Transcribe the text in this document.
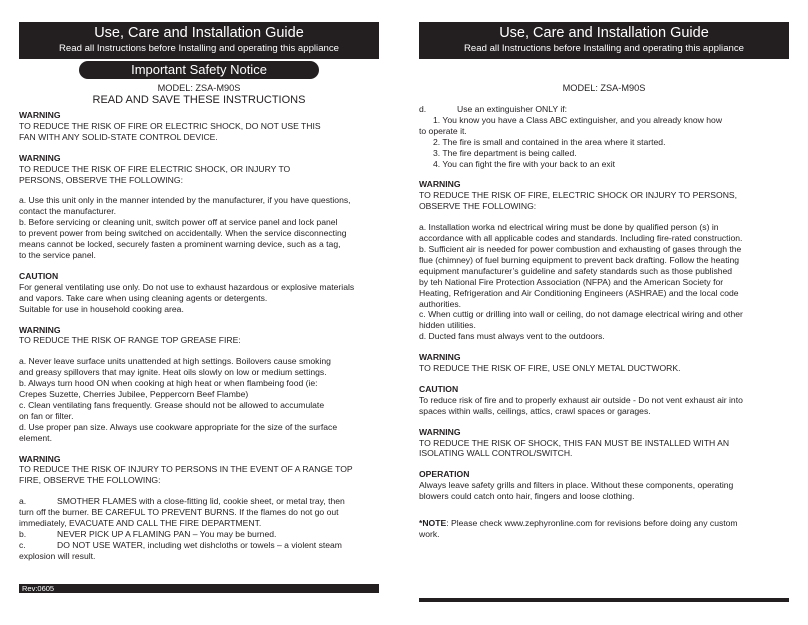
Use, Care and Installation Guide
Read all Instructions before Installing and operating this appliance
Important Safety Notice
MODEL: ZSA-M90S
READ AND SAVE THESE INSTRUCTIONS

WARNING

TO REDUCE THE RISK OF FIRE OR ELECTRIC SHOCK, DO NOT USE THIS

FAN WITH ANY SOLID-STATE CONTROL DEVICE.

WARNING

TO REDUCE THE RISK OF FIRE ELECTRIC SHOCK, OR INJURY TO

PERSONS, OBSERVE THE FOLLOWING:

a. Use this unit only in the manner intended by the manufacturer, if you have questions,

contact the manufacturer.

b. Before servicing or cleaning unit, switch power off at service panel and lock panel

to prevent power from being switched on accidentally. When the service disconnecting

means cannot be locked, securely fasten a prominent warning device, such as a tag,

to the service panel.

CAUTION

For general ventilating use only. Do not use to exhaust hazardous or explosive materials

and vapors. Take care when using cleaning agents or detergents.

Suitable for use in household cooking area.

WARNING

TO REDUCE THE RISK OF RANGE TOP GREASE FIRE:

a. Never leave surface units unattended at high settings. Boilovers cause smoking

and greasy spillovers that may ignite. Heat oils slowly on low or medium settings.

b. Always turn hood ON when cooking at high heat or when flambeing food (ie:

Crepes Suzette, Cherries Jubilee, Peppercorn Beef Flambe)

c. Clean ventilating fans frequently. Grease should not be allowed to accumulate

on fan or filter.

d. Use proper pan size. Always use cookware appropriate for the size of the surface

element.

WARNING

TO REDUCE THE RISK OF INJURY TO PERSONS IN THE EVENT OF A RANGE TOP

FIRE, OBSERVE THE FOLLOWING:

a.	SMOTHER FLAMES with a close-fitting lid, cookie sheet, or metal tray, then

turn off the burner. BE CAREFUL TO PREVENT BURNS. If the flames do not go out

immediately, EVACUATE AND CALL THE FIRE DEPARTMENT.

b.	NEVER PICK UP A FLAMING PAN – You may be burned.

c.	DO NOT USE WATER, including wet dishcloths or towels – a violent steam

explosion will result.

Rev:0605
Use, Care and Installation Guide
Read all Instructions before Installing and operating this appliance
MODEL: ZSA-M90S

d.	Use an extinguisher ONLY if:

1. You know you have a Class ABC extinguisher, and you already know how

to operate it.

2. The fire is small and contained in the area where it started.

3. The fire department is being called.

4. You can fight the fire with your back to an exit

WARNING

TO REDUCE THE RISK OF FIRE, ELECTRIC SHOCK OR INJURY TO PERSONS,

OBSERVE THE FOLLOWING:

a. Installation worka nd electrical wiring must be done by qualified person (s) in

accordance with all applicable codes and standards. Including fire-rated construction.

b. Sufficient air is needed for power combustion and exhausting of gases through the

flue (chimney) of fuel burning equipment to prevent back drafting. Follow the heating

equipment manufacturer’s guideline and safety standards such as those published

by teh National Fire Protection Association (NFPA) and the American Society for

Heating, Refrigeration and Air Conditioning Engineers (ASHRAE) and the local code

authorities.

c. When cuttig or drilling into wall or ceiling, do not damage electrical wiring and other

hidden utilities.

d. Ducted fans must always vent to the outdoors.

WARNING

TO REDUCE THE RISK OF FIRE, USE ONLY METAL DUCTWORK.

CAUTION

To reduce risk of fire and to properly exhaust air outside - Do not vent exhaust air into

spaces within walls, ceilings, attics, crawl spaces or garages.

WARNING

TO REDUCE THE RISK OF SHOCK, THIS FAN MUST BE INSTALLED WITH AN

ISOLATING WALL CONTROL/SWITCH.

OPERATION

Always leave safety grills and filters in place. Without these components, operating

blowers could catch onto hair, fingers and loose clothing.

*NOTE: Please check www.zephyronline.com for revisions before doing any custom

work.
